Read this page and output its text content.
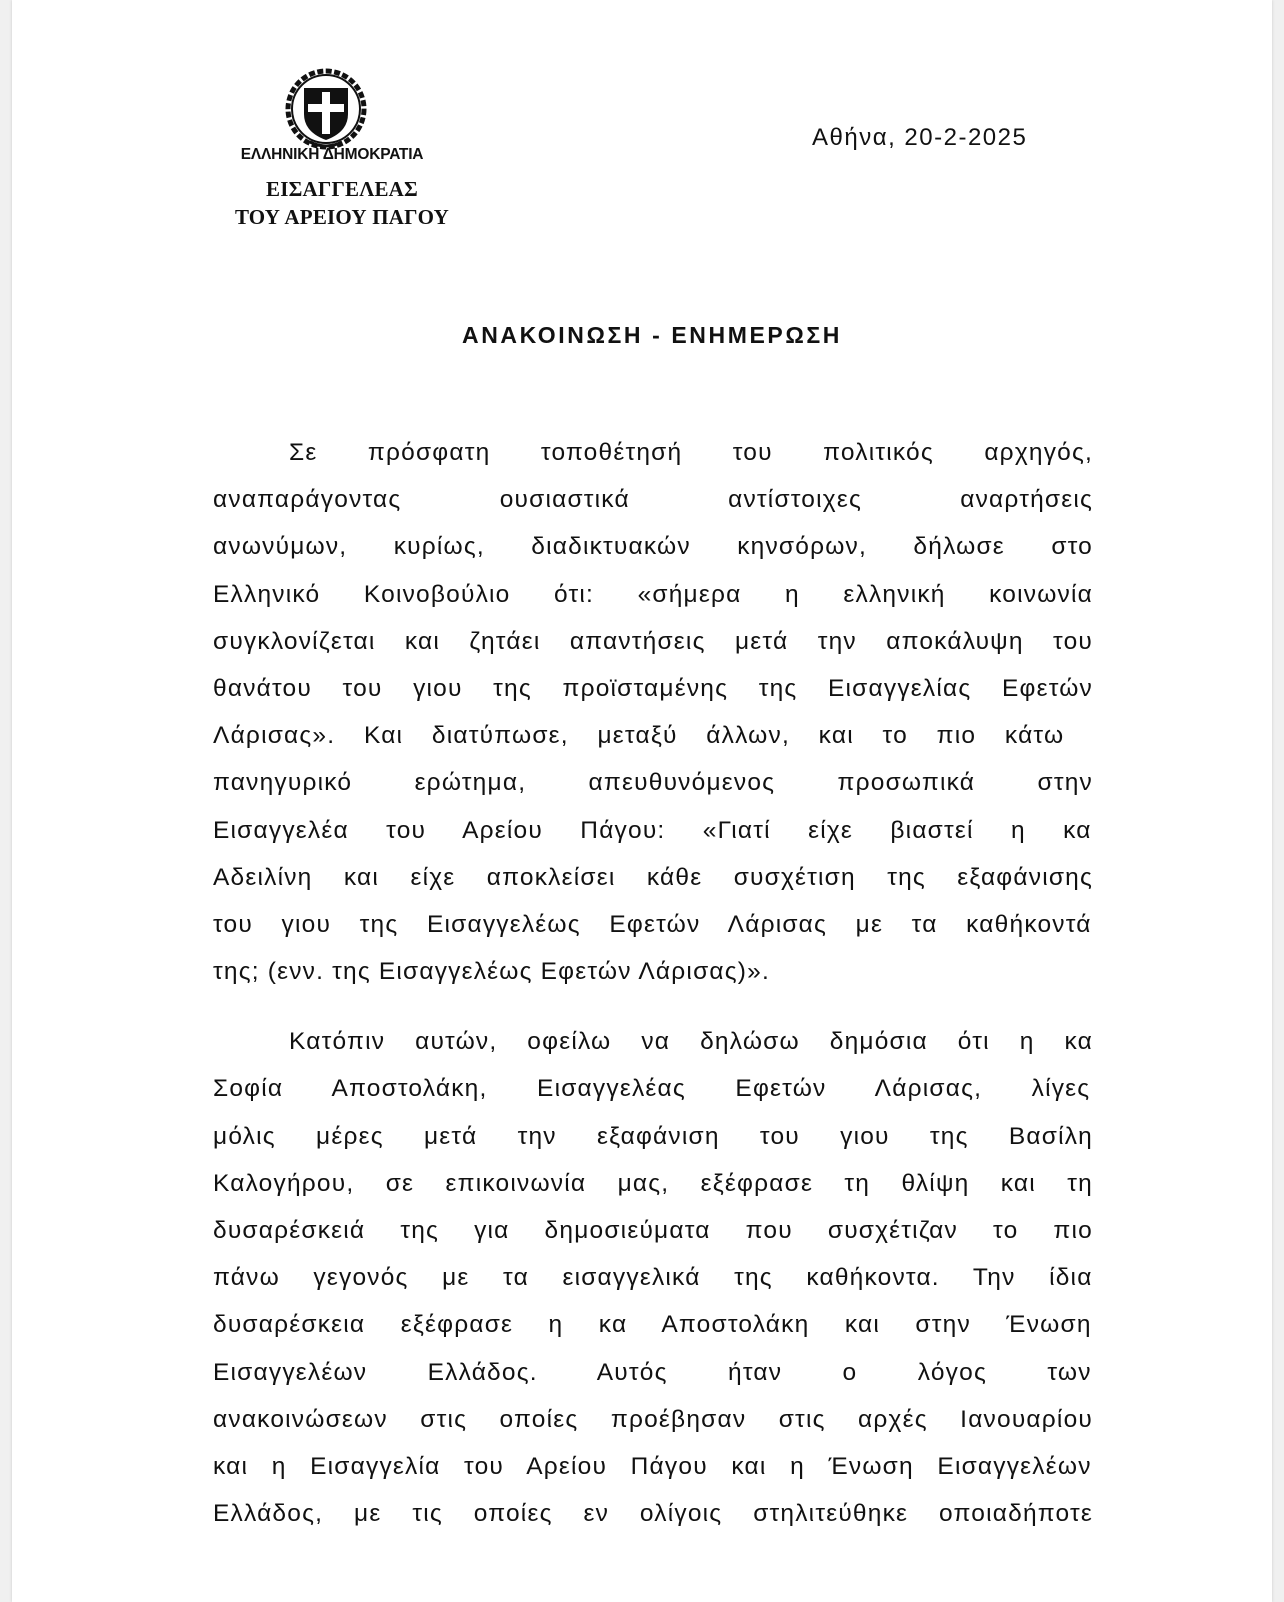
ΕΛΛΗΝΙΚΗ ΔΗΜΟΚΡΑΤΙΑ
ΕΙΣΑΓΓΕΛΕΑΣ
ΤΟΥ ΑΡΕΙΟΥ ΠΑΓΟΥ
Αθήνα, 20-2-2025
ΑΝΑΚΟΙΝΩΣΗ - ΕΝΗΜΕΡΩΣΗ
Σε πρόσφατη τοποθέτησή του πολιτικός αρχηγός,
αναπαράγοντας ουσιαστικά αντίστοιχες αναρτήσεις
ανωνύμων, κυρίως, διαδικτυακών κηνσόρων, δήλωσε στο
Ελληνικό Κοινοβούλιο ότι: «σήμερα η ελληνική κοινωνία
συγκλονίζεται και ζητάει απαντήσεις μετά την αποκάλυψη του
θανάτου του γιου της προϊσταμένης της Εισαγγελίας Εφετών
Λάρισας». Και διατύπωσε, μεταξύ άλλων, και το πιο κάτω
πανηγυρικό ερώτημα, απευθυνόμενος προσωπικά στην
Εισαγγελέα του Αρείου Πάγου: «Γιατί είχε βιαστεί η κα
Αδειλίνη και είχε αποκλείσει κάθε συσχέτιση της εξαφάνισης
του γιου της Εισαγγελέως Εφετών Λάρισας με τα καθήκοντά
της; (ενν. της Εισαγγελέως Εφετών Λάρισας)».
Κατόπιν αυτών, οφείλω να δηλώσω δημόσια ότι η κα
Σοφία Αποστολάκη, Εισαγγελέας Εφετών Λάρισας, λίγες
μόλις μέρες μετά την εξαφάνιση του γιου της Βασίλη
Καλογήρου, σε επικοινωνία μας, εξέφρασε τη θλίψη και τη
δυσαρέσκειά της για δημοσιεύματα που συσχέτιζαν το πιο
πάνω γεγονός με τα εισαγγελικά της καθήκοντα. Την ίδια
δυσαρέσκεια εξέφρασε η κα Αποστολάκη και στην Ένωση
Εισαγγελέων Ελλάδος. Αυτός ήταν ο λόγος των
ανακοινώσεων στις οποίες προέβησαν στις αρχές Ιανουαρίου
και η Εισαγγελία του Αρείου Πάγου και η Ένωση Εισαγγελέων
Ελλάδος, με τις οποίες εν ολίγοις στηλιτεύθηκε οποιαδήποτε
